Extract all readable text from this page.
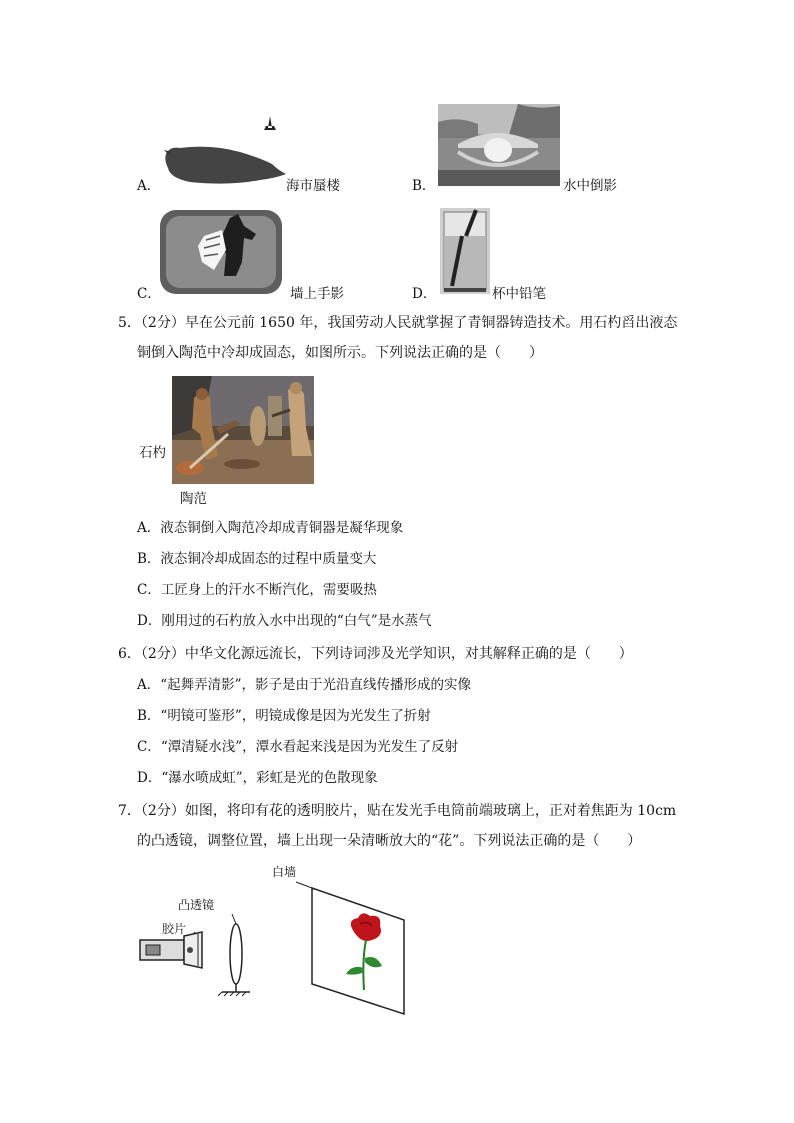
A．	海市蜃楼	B．	水中倒影
C．	墙上手影	D．	杯中铅笔
5．（2分）早在公元前 1650 年，我国劳动人民就掌握了青铜器铸造技术。用石杓舀出液态
铜倒入陶范中冷却成固态，如图所示。下列说法正确的是（　　）
石杓
陶范
A．液态铜倒入陶范冷却成青铜器是凝华现象
B．液态铜冷却成固态的过程中质量变大
C．工匠身上的汗水不断汽化，需要吸热
D．刚用过的石杓放入水中出现的“白气”是水蒸气
6．（2分）中华文化源远流长，下列诗词涉及光学知识，对其解释正确的是（　　）
A．“起舞弄清影”，影子是由于光沿直线传播形成的实像
B．“明镜可鉴形”，明镜成像是因为光发生了折射
C．“潭清疑水浅”，潭水看起来浅是因为光发生了反射
D．“瀑水喷成虹”，彩虹是光的色散现象
7．（2分）如图，将印有花的透明胶片，贴在发光手电筒前端玻璃上，正对着焦距为 10cm
的凸透镜，调整位置，墙上出现一朵清晰放大的“花”。下列说法正确的是（　　）
白墙
凸透镜
胶片
